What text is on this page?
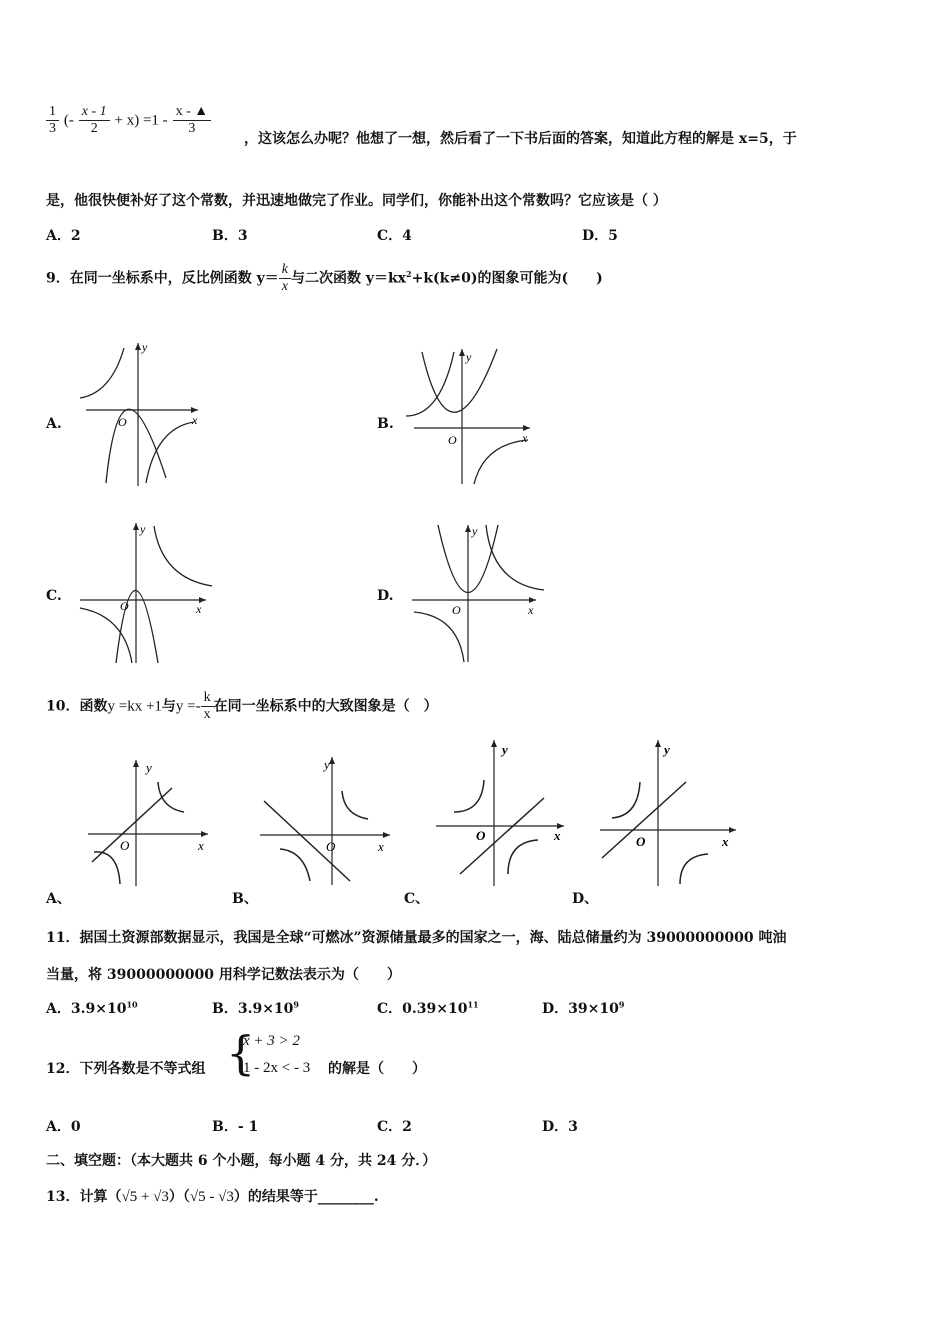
$\frac{1}{3}$ (- $\frac{x - 1}{2} + x) =1 - \frac{x - ▲}{3}$
，这该怎么办呢？他想了一想，然后看了一下书后面的答案，知道此方程的解是 x=5，于
是，他很快便补好了这个常数，并迅速地做完了作业。同学们，你能补出这个常数吗？它应该是（ ）
A．2	B．3	C．4	D．5
9．在同一坐标系中，反比例函数 $y= \frac{k}{x}$ 与二次函数 $y=kx^2+k(k\ne 0)$的图象可能为(　　)
A.	B.
C.	D.
y
x
O
y
x
O
y
x
O
y
x
O
10．函数y =kx +1与$y =- \frac{k}{x}$ 在同一坐标系中的大致图象是（　）
y
x
O
y
x
O
y
x
O
y
x
O
A、	B、	C、	D、
11．据国土资源部数据显示，我国是全球“可燃冰”资源储量最多的国家之一，海、陆总储量约为 39000000000 吨油
当量，将 39000000000 用科学记数法表示为（　　）
A．$3.9\times 10^{10}$	B．$3.9\times 10^9$	C．$0.39\times 10^{11}$	D．$39\times 10^9$
12．下列各数是不等式组 {
x + 3 > 2
1 - 2x < - 3 的解是（　　）
A．0	B．- 1	C．2	D．3
二、填空题：（本大题共 6 个小题，每小题 4 分，共 24 分．）
13．计算（√5 + √3）（√5 - √3）的结果等于________.
